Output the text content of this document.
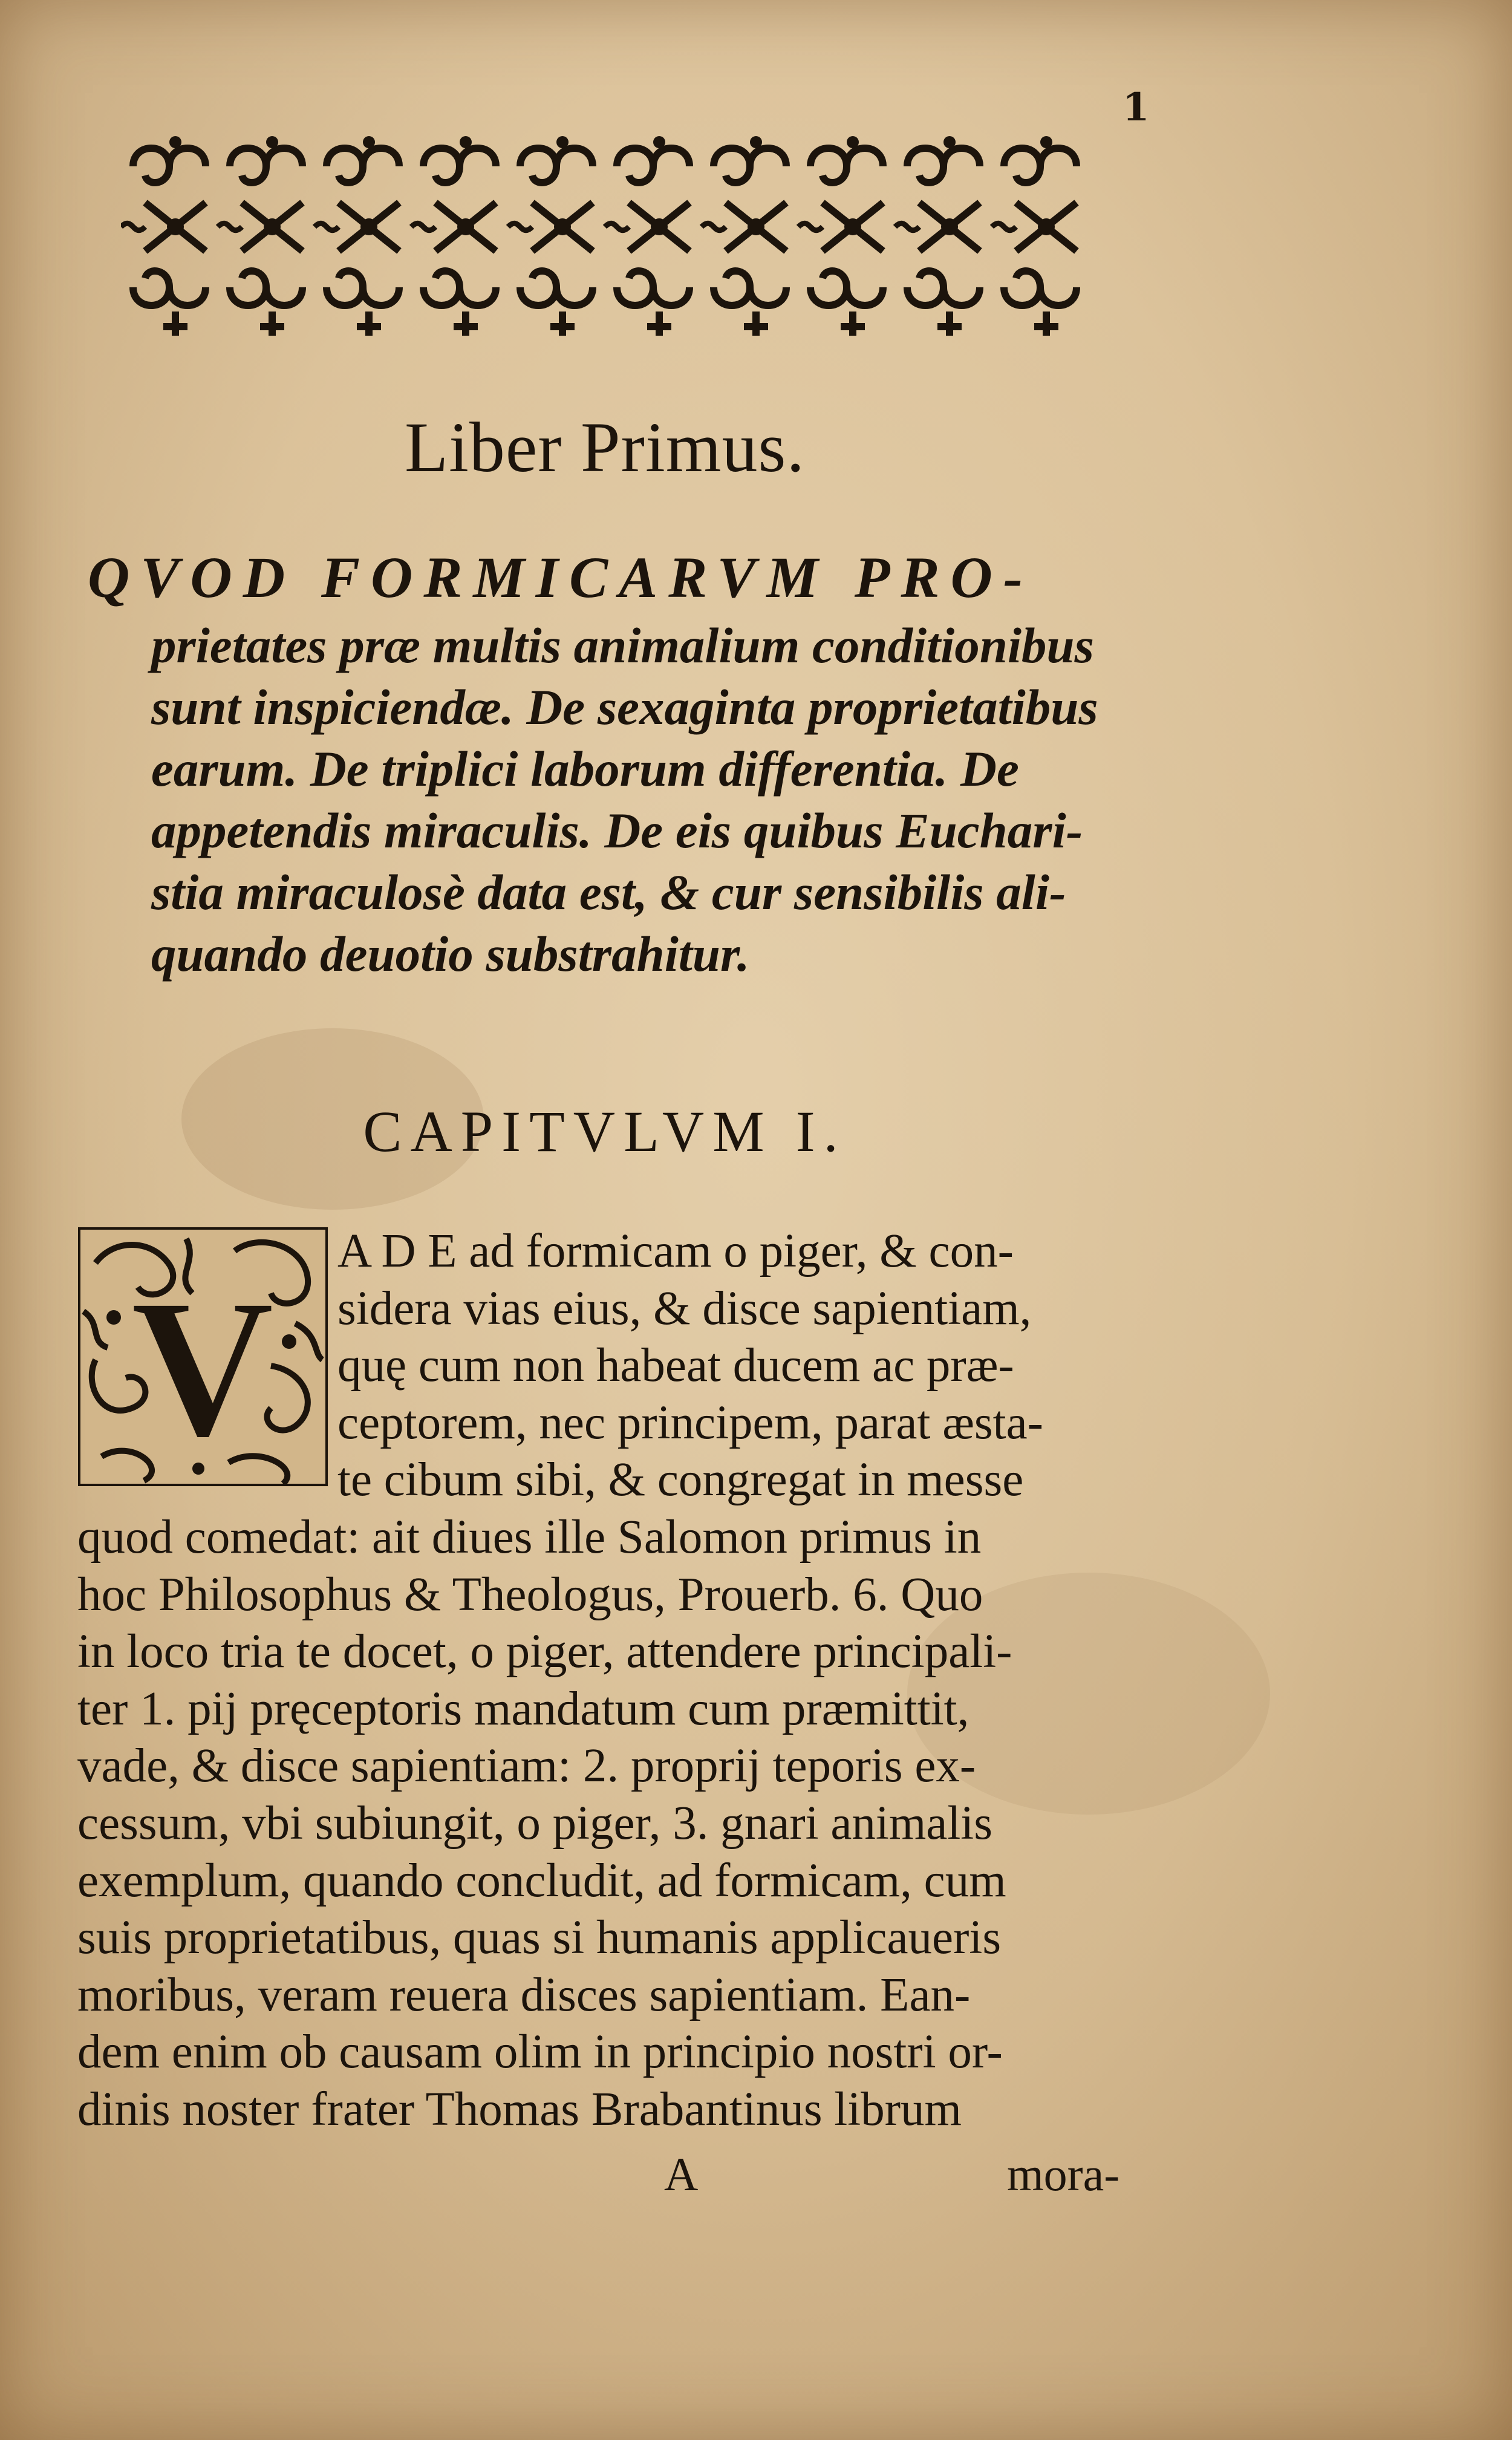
1
Liber Primus.
QVOD FORMICARVM PRO-
prietates præ multis animalium conditionibus
sunt inspiciendæ. De sexaginta proprietatibus
earum. De triplici laborum differentia. De
appetendis miraculis. De eis quibus Euchari-
stia miraculosè data est, & cur sensibilis ali-
quando deuotio substrahitur.
CAPITVLVM I.
V
A D E ad formicam o piger, & con-
sidera vias eius, & disce sapientiam,
quę cum non habeat ducem ac præ-
ceptorem, nec principem, parat æsta-
te cibum sibi, & congregat in messe
quod comedat: ait diues ille Salomon primus in
hoc Philosophus & Theologus, Prouerb. 6. Quo
in loco tria te docet, o piger, attendere principali-
ter 1. pij pręceptoris mandatum cum præmittit,
vade, & disce sapientiam: 2. proprij teporis ex-
cessum, vbi subiungit, o piger, 3. gnari animalis
exemplum, quando concludit, ad formicam, cum
suis proprietatibus, quas si humanis applicaueris
moribus, veram reuera disces sapientiam. Ean-
dem enim ob causam olim in principio nostri or-
dinis noster frater Thomas Brabantinus librum
A	mora-
